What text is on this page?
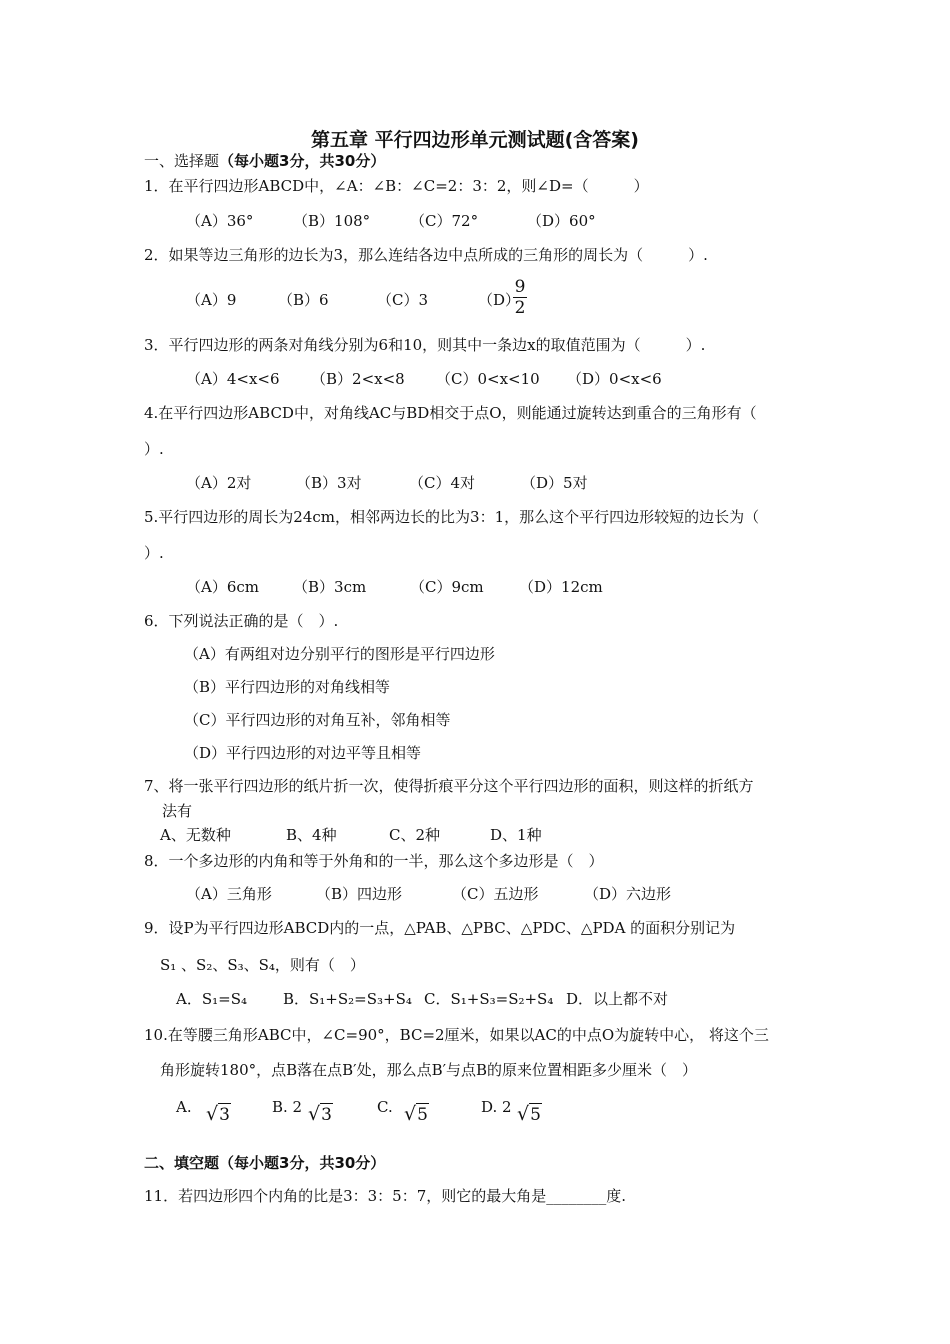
第五章 平行四边形单元测试题(含答案)
一、选择题（每小题3分，共30分）
1．在平行四边形ABCD中，∠A：∠B：∠C=2：3：2，则∠D=（　　　）
（A）36°	（B）108°	（C）72°	（D）60°
2．如果等边三角形的边长为3，那么连结各边中点所成的三角形的周长为（　　　）.
（A）9	（B）6	（C）3	（D）
9
2
3．平行四边形的两条对角线分别为6和10，则其中一条边x的取值范围为（　　　）.
（A）4<x<6 （B）2<x<8 （C）0<x<10 （D）0<x<6
4.在平行四边形ABCD中，对角线AC与BD相交于点O，则能通过旋转达到重合的三角形有（
）.
（A）2对	（B）3对	（C）4对	（D）5对
5.平行四边形的周长为24cm，相邻两边长的比为3：1，那么这个平行四边形较短的边长为（
）.
（A）6cm （B）3cm	（C）9cm （D）12cm
6．下列说法正确的是（　）.
（A）有两组对边分别平行的图形是平行四边形
（B）平行四边形的对角线相等
（C）平行四边形的对角互补，邻角相等
（D）平行四边形的对边平等且相等
7、将一张平行四边形的纸片折一次，使得折痕平分这个平行四边形的面积，则这样的折纸方
法有
A、无数种	B、4种	C、2种	D、1种
8．一个多边形的内角和等于外角和的一半，那么这个多边形是（　）
（A）三角形	（B）四边形	（C）五边形	（D）六边形
9．设P为平行四边形ABCD内的一点，△PAB、△PBC、△PDC、△PDA 的面积分别记为
S₁ 、S₂、S₃、S₄，则有（　）
A．S₁=S₄ B．S₁+S₂=S₃+S₄ C．S₁+S₃=S₂+S₄ D．以上都不对
10.在等腰三角形ABC中，∠C=90°，BC=2厘米，如果以AC的中点O为旋转中心， 将这个三
角形旋转180°，点B落在点B′处，那么点B′与点B的原来位置相距多少厘米（　）
A. √3	B. 2 √3	C. √5	D. 2 √5
二、填空题（每小题3分，共30分）
11．若四边形四个内角的比是3：3：5：7，则它的最大角是________度.
